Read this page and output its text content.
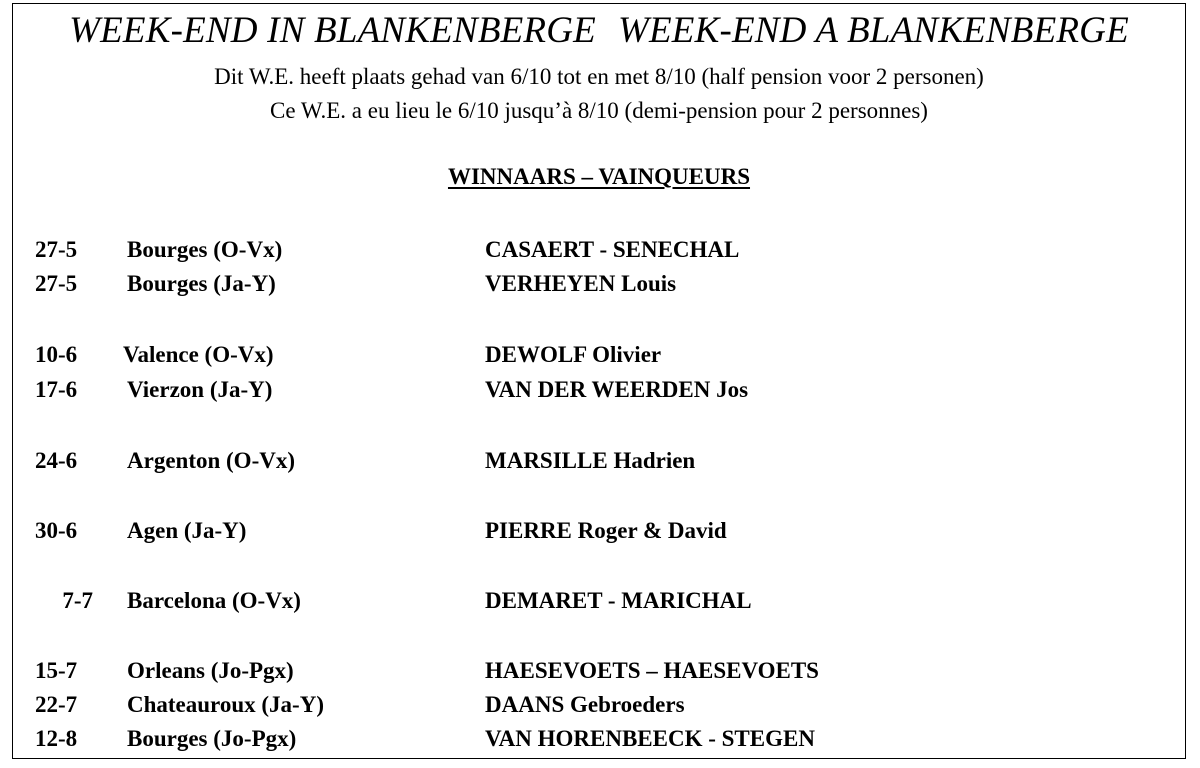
WEEK-END IN BLANKENBERGE WEEK-END A BLANKENBERGE
Dit W.E. heeft plaats gehad van 6/10 tot en met 8/10 (half pension voor 2 personen)
Ce W.E. a eu lieu le 6/10 jusqu’à 8/10 (demi-pension pour 2 personnes)
WINNAARS – VAINQUEURS
27-5	Bourges (O-Vx)	CASAERT - SENECHAL
27-5	Bourges (Ja-Y)	VERHEYEN Louis
10-6	Valence (O-Vx)	DEWOLF Olivier
17-6	Vierzon (Ja-Y)	VAN DER WEERDEN Jos
24-6	Argenton (O-Vx)	MARSILLE Hadrien
30-6	Agen (Ja-Y)	PIERRE Roger & David
7-7 Barcelona (O-Vx)	DEMARET - MARICHAL
15-7	Orleans (Jo-Pgx)	HAESEVOETS – HAESEVOETS
22-7	Chateauroux (Ja-Y)	DAANS Gebroeders
12-8	Bourges (Jo-Pgx)	VAN HORENBEECK - STEGEN
